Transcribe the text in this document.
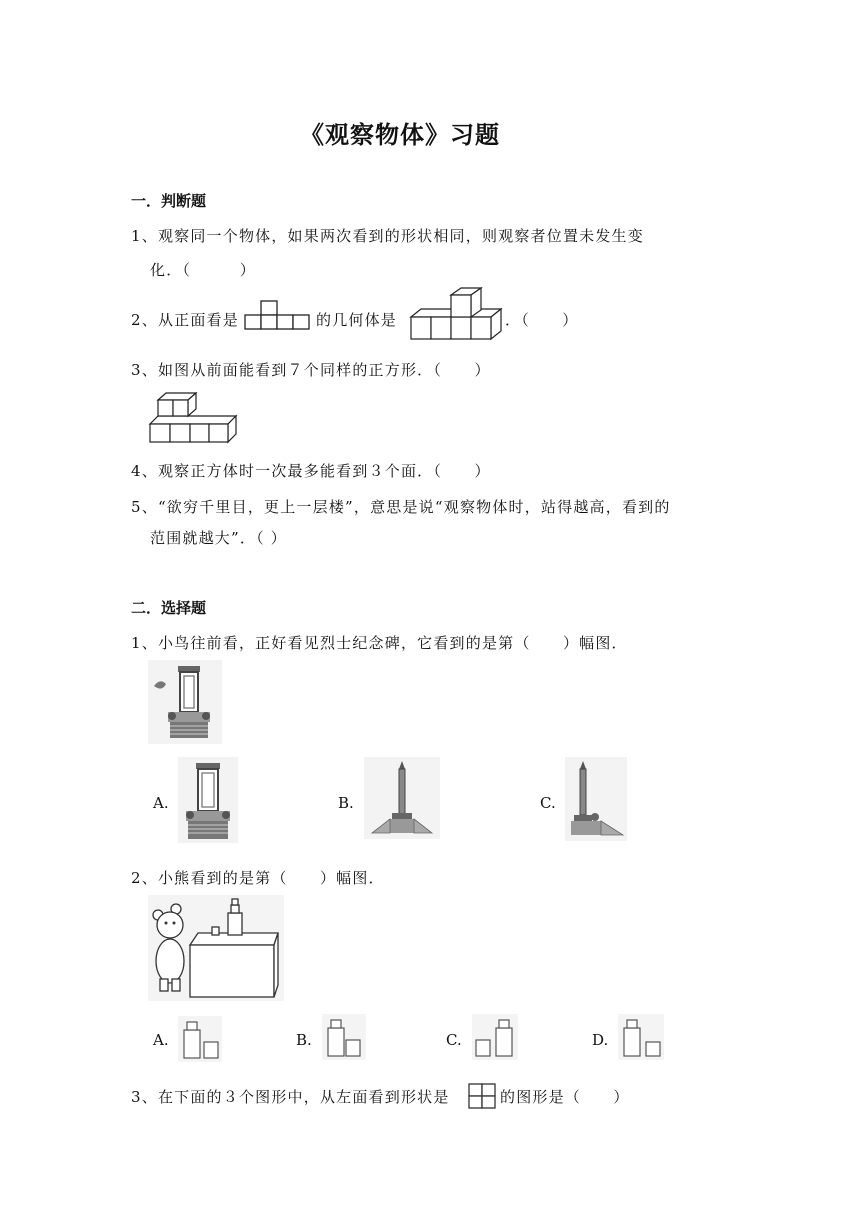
《观察物体》习题
一．判断题
1、观察同一个物体，如果两次看到的形状相同，则观察者位置未发生变
化．（　　　）
2、从正面看是	的几何体是	．（　　）
3、如图从前面能看到７个同样的正方形．（　　）
4、观察正方体时一次最多能看到３个面．（　　）
5、“欲穷千里目，更上一层楼”，意思是说“观察物体时，站得越高，看到的
范围就越大”．（ ）
二．选择题
1、小鸟往前看，正好看见烈士纪念碑，它看到的是第（　　）幅图．
A.	B.	C.
2、小熊看到的是第（　　）幅图．
A.	B.	C.	D.
3、在下面的３个图形中，从左面看到形状是	的图形是（　　）
